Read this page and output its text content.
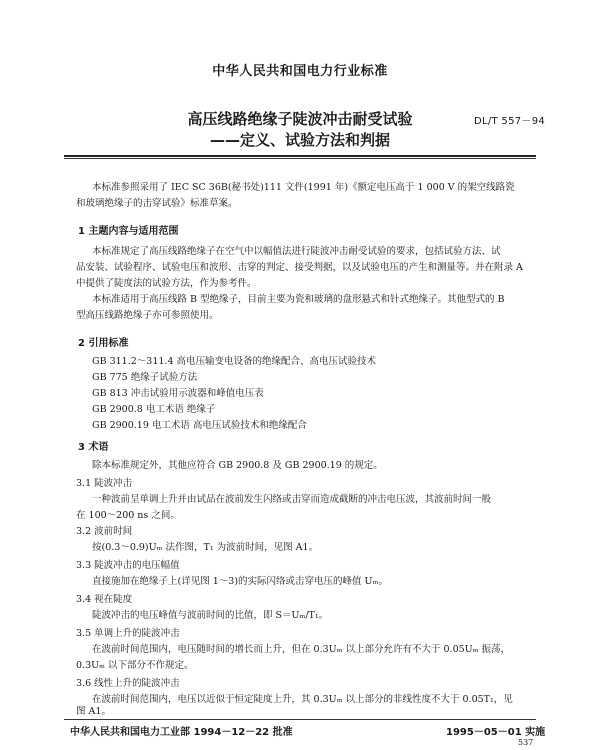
中华人民共和国电力行业标准
高压线路绝缘子陡波冲击耐受试验
——定义、试验方法和判据
DL/T 557－94
本标准参照采用了 IEC SC 36B(秘书处)111 文件(1991 年)《额定电压高于 1 000 V 的架空线路瓷
和玻璃绝缘子的击穿试验》标准草案。
1 主题内容与适用范围
本标准规定了高压线路绝缘子在空气中以幅值法进行陡波冲击耐受试验的要求，包括试验方法、试
品安装、试验程序、试验电压和波形、击穿的判定、接受判据，以及试验电压的产生和测量等。并在附录 A
中提供了陡度法的试验方法，作为参考件。
本标准适用于高压线路 B 型绝缘子，目前主要为瓷和玻璃的盘形悬式和针式绝缘子。其他型式的 B
型高压线路绝缘子亦可参照使用。
2 引用标准
GB 311.2～311.4 高电压输变电设备的绝缘配合、高电压试验技术
GB 775 绝缘子试验方法
GB 813 冲击试验用示波器和峰值电压表
GB 2900.8 电工术语 绝缘子
GB 2900.19 电工术语 高电压试验技术和绝缘配合
3 术语
除本标准规定外，其他应符合 GB 2900.8 及 GB 2900.19 的规定。
3.1 陡波冲击
一种波前呈单调上升并由试品在波前发生闪络或击穿而造成截断的冲击电压波，其波前时间一般
在 100～200 ns 之间。
3.2 波前时间
按(0.3～0.9)Uₘ 法作图，T₁ 为波前时间，见图 A1。
3.3 陡波冲击的电压幅值
直接施加在绝缘子上(详见图 1～3)的实际闪络或击穿电压的峰值 Uₘ。
3.4 视在陡度
陡波冲击的电压峰值与波前时间的比值，即 S＝Uₘ/T₁。
3.5 单调上升的陡波冲击
在波前时间范围内，电压随时间的增长而上升，但在 0.3Uₘ 以上部分允许有不大于 0.05Uₘ 振荡，
0.3Uₘ 以下部分不作规定。
3.6 线性上升的陡波冲击
在波前时间范围内，电压以近似于恒定陡度上升，其 0.3Uₘ 以上部分的非线性度不大于 0.05T₁，见
图 A1。
中华人民共和国电力工业部 1994－12－22 批准	1995－05－01 实施
537
